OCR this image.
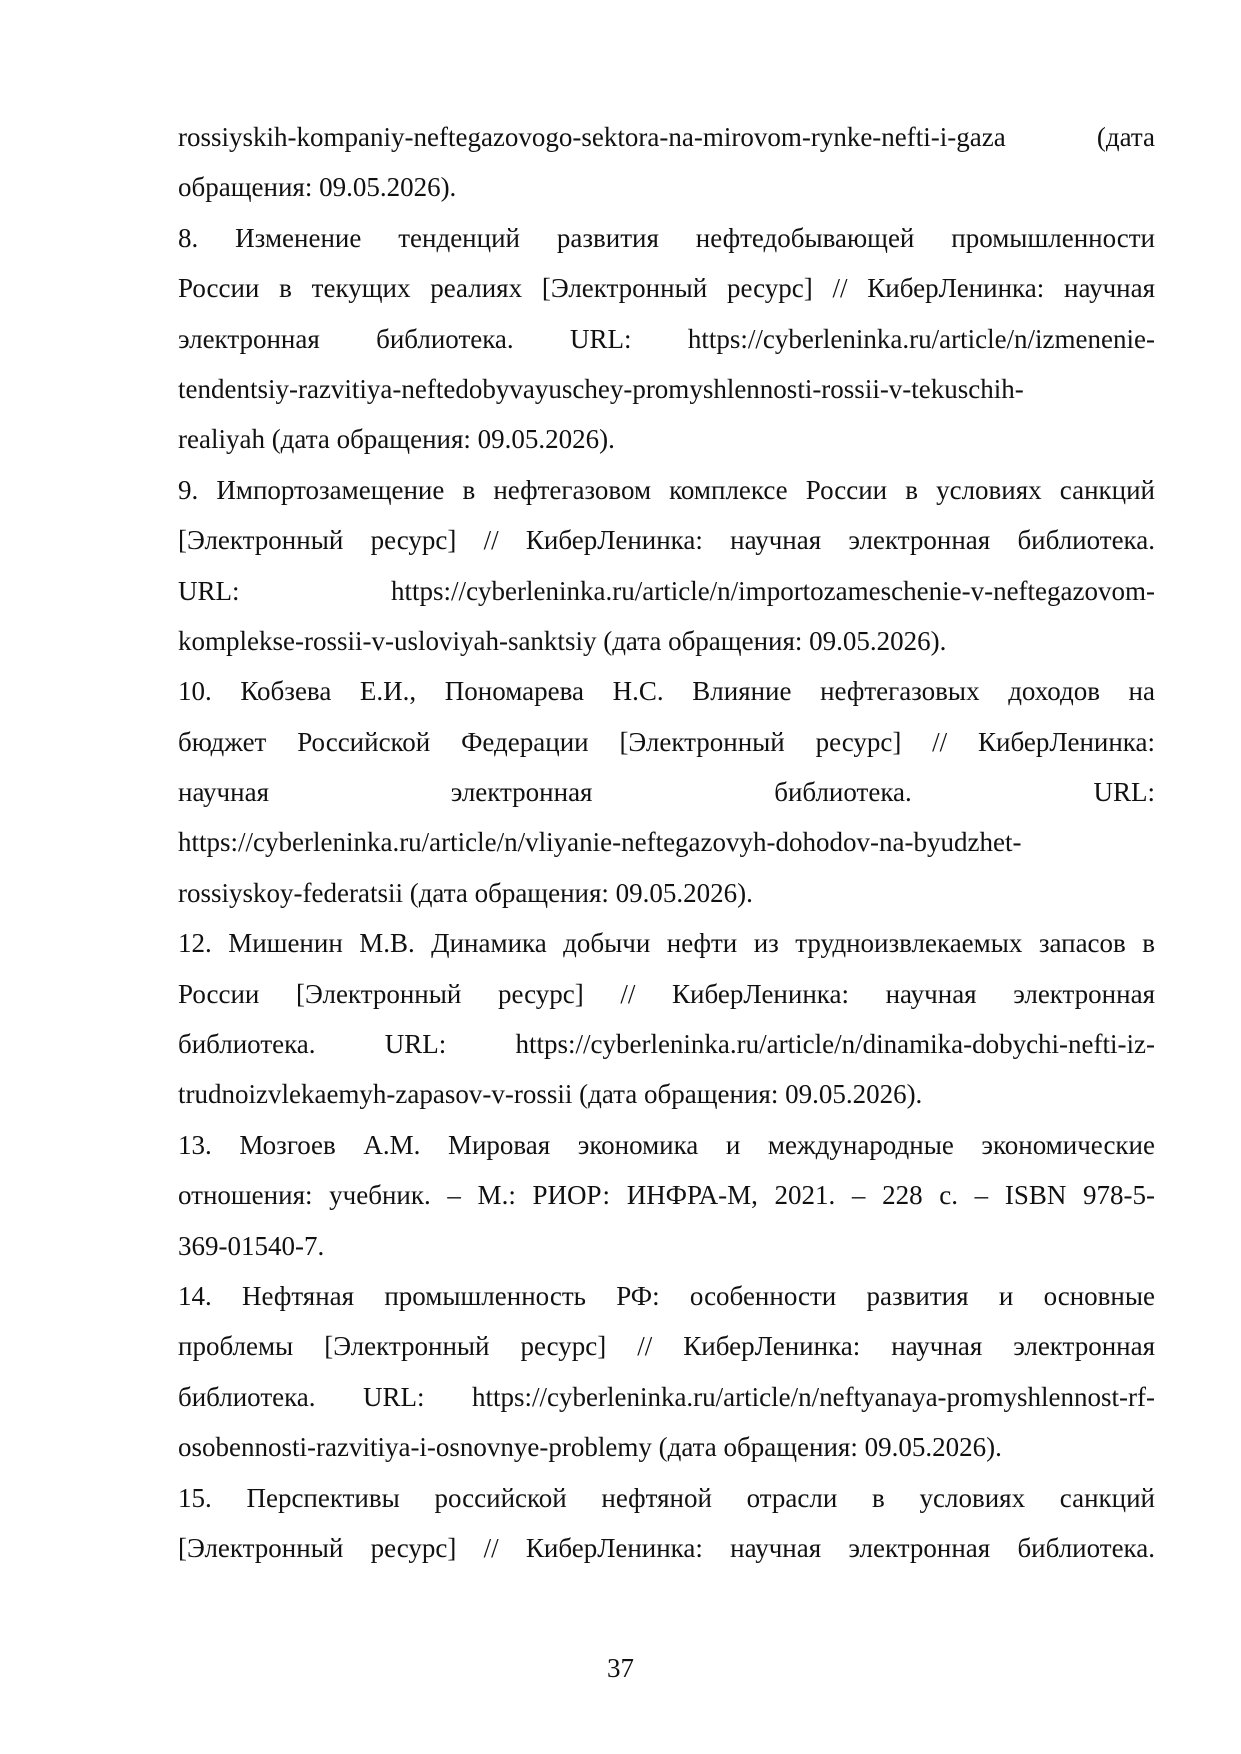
rossiyskih-kompaniy-neftegazovogo-sektora-na-mirovom-rynke-nefti-i-gaza (дата
обращения: 09.05.2026).
8. Изменение тенденций развития нефтедобывающей промышленности
России в текущих реалиях [Электронный ресурс] // КиберЛенинка: научная
электронная библиотека. URL: https://cyberleninka.ru/article/n/izmenenie-
tendentsiy-razvitiya-neftedobyvayuschey-promyshlennosti-rossii-v-tekuschih-
realiyah (дата обращения: 09.05.2026).
9. Импортозамещение в нефтегазовом комплексе России в условиях санкций
[Электронный ресурс] // КиберЛенинка: научная электронная библиотека.
URL: https://cyberleninka.ru/article/n/importozameschenie-v-neftegazovom-
komplekse-rossii-v-usloviyah-sanktsiy (дата обращения: 09.05.2026).
10. Кобзева Е.И., Пономарева Н.С. Влияние нефтегазовых доходов на
бюджет Российской Федерации [Электронный ресурс] // КиберЛенинка:
научная электронная библиотека. URL:
https://cyberleninka.ru/article/n/vliyanie-neftegazovyh-dohodov-na-byudzhet-
rossiyskoy-federatsii (дата обращения: 09.05.2026).
12. Мишенин М.В. Динамика добычи нефти из трудноизвлекаемых запасов в
России [Электронный ресурс] // КиберЛенинка: научная электронная
библиотека. URL: https://cyberleninka.ru/article/n/dinamika-dobychi-nefti-iz-
trudnoizvlekaemyh-zapasov-v-rossii (дата обращения: 09.05.2026).
13. Мозгоев А.М. Мировая экономика и международные экономические
отношения: учебник. – М.: РИОР: ИНФРА-М, 2021. – 228 с. – ISBN 978-5-
369-01540-7.
14. Нефтяная промышленность РФ: особенности развития и основные
проблемы [Электронный ресурс] // КиберЛенинка: научная электронная
библиотека. URL: https://cyberleninka.ru/article/n/neftyanaya-promyshlennost-rf-
osobennosti-razvitiya-i-osnovnye-problemy (дата обращения: 09.05.2026).
15. Перспективы российской нефтяной отрасли в условиях санкций
[Электронный ресурс] // КиберЛенинка: научная электронная библиотека.
37
